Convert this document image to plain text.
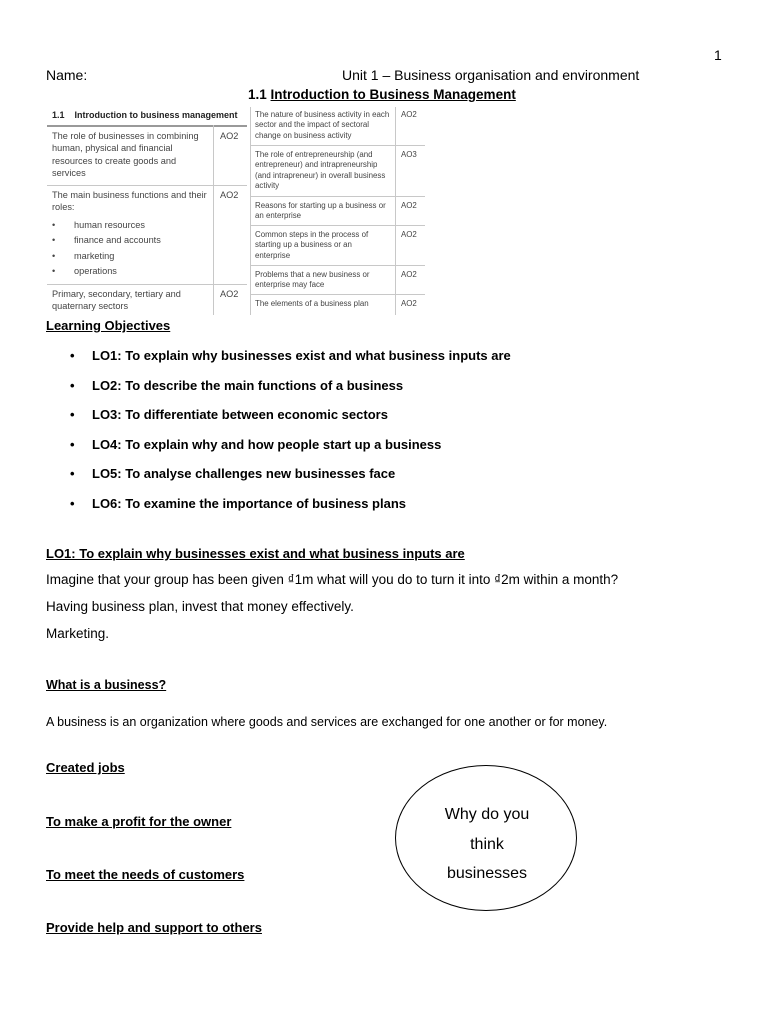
1
Name:	Unit 1 – Business organisation and environment
1.1 Introduction to Business Management
1.1 Introduction to business management
The role of businesses in combining human, physical and financial resources to create goods and services
AO2
The main business functions and their roles:
• human resources
• finance and accounts
• marketing
• operations
AO2
Primary, secondary, tertiary and quaternary sectors
AO2
The nature of business activity in each sector and the impact of sectoral change on business activity
AO2
The role of entrepreneurship (and entrepreneur) and intrapreneurship (and intrapreneur) in overall business activity
AO3
Reasons for starting up a business or an enterprise
AO2
Common steps in the process of starting up a business or an enterprise
AO2
Problems that a new business or enterprise may face
AO2
The elements of a business plan	AO2
Learning Objectives
• LO1: To explain why businesses exist and what business inputs are
• LO2: To describe the main functions of a business
• LO3: To differentiate between economic sectors
• LO4: To explain why and how people start up a business
• LO5: To analyse challenges new businesses face
• LO6: To examine the importance of business plans
LO1: To explain why businesses exist and what business inputs are
Imagine that your group has been given ₫1m what will you do to turn it into ₫2m within a month?
Having business plan, invest that money effectively.
Marketing.
What is a business?
A business is an organization where goods and services are exchanged for one another or for money.
Created jobs
To make a profit for the owner
To meet the needs of customers
Provide help and support to others
Why do you
think
businesses
